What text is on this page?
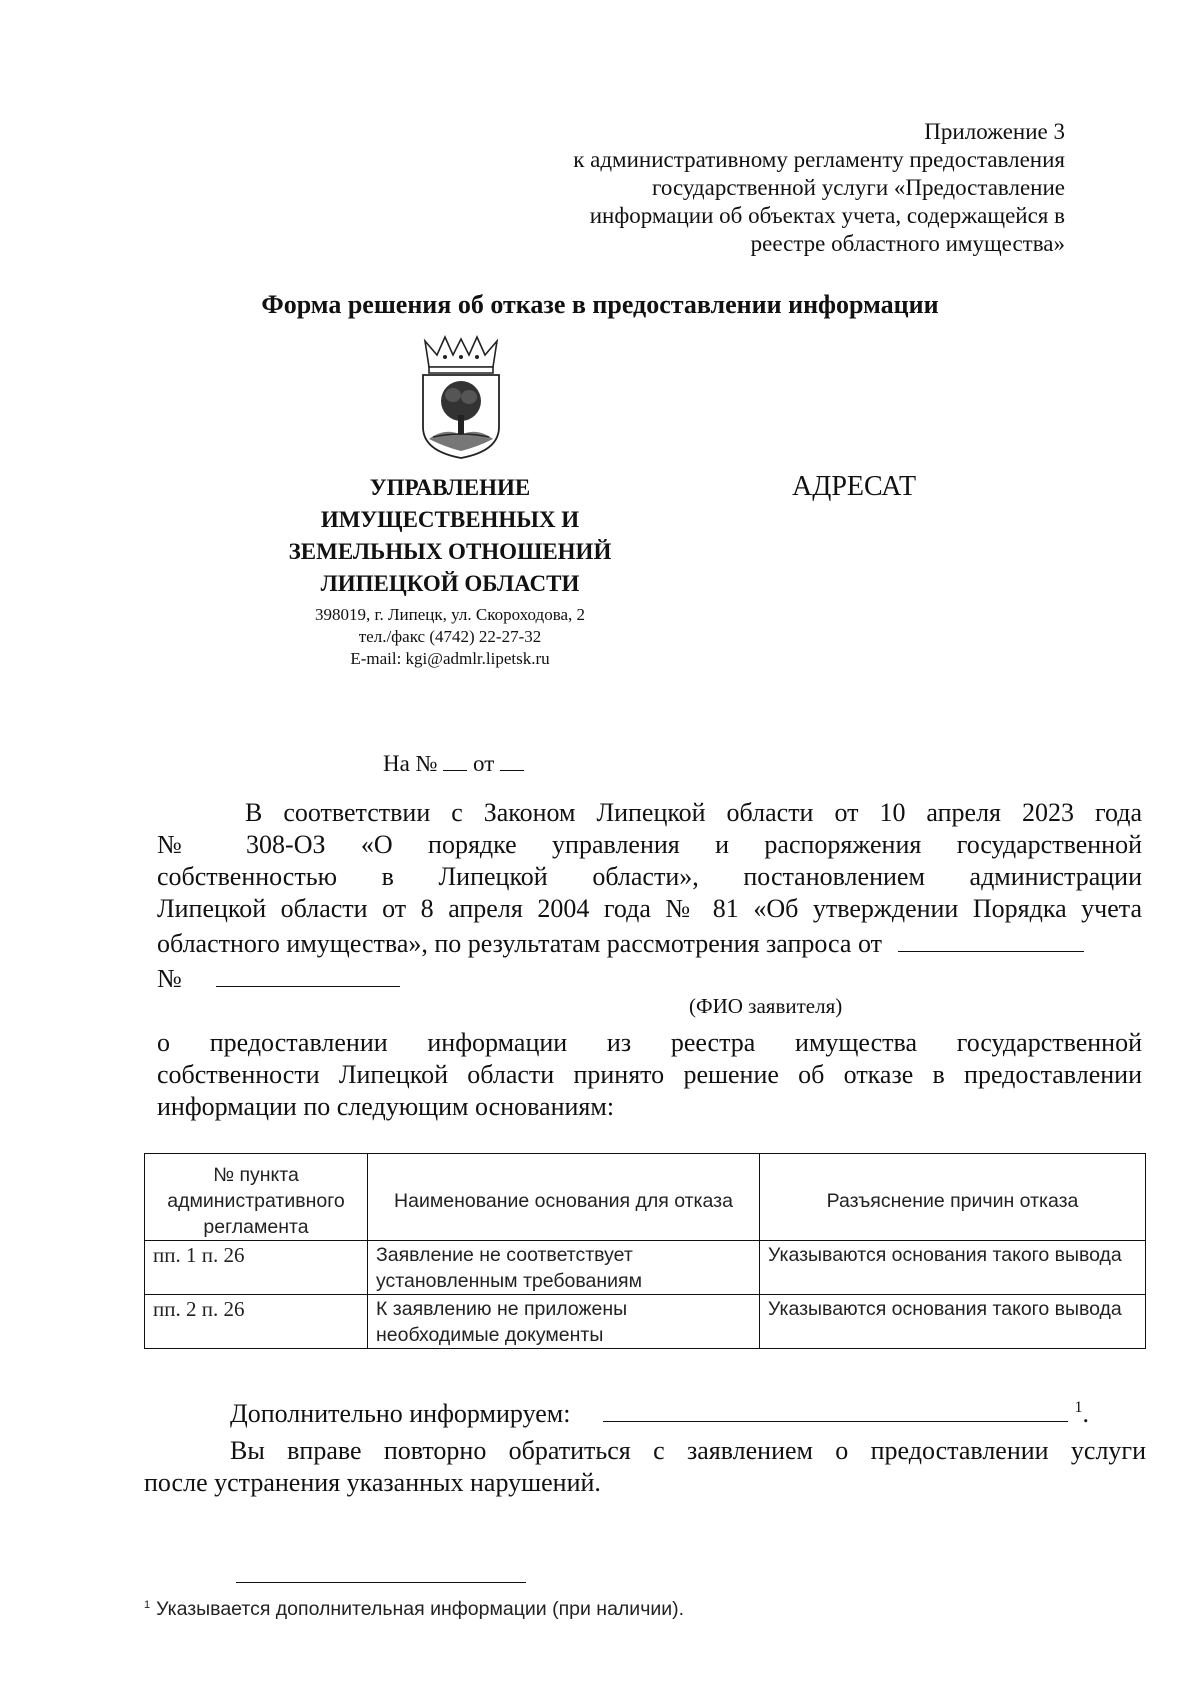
Приложение 3
к административному регламенту предоставления
государственной услуги «Предоставление
информации об объектах учета, содержащейся в
реестре областного имущества»
Форма решения об отказе в предоставлении информации
УПРАВЛЕНИЕ
ИМУЩЕСТВЕННЫХ И
ЗЕМЕЛЬНЫХ ОТНОШЕНИЙ
ЛИПЕЦКОЙ ОБЛАСТИ
398019, г. Липецк, ул. Скороходова, 2
тел./факс (4742) 22-27-32
E-mail: kgi@admlr.lipetsk.ru
АДРЕСАТ
На № от
В соответствии с Законом Липецкой области от 10 апреля 2023 года
№ 308-ОЗ «О порядке управления и распоряжения государственной
собственностью в Липецкой области», постановлением администрации
Липецкой области от 8 апреля 2004 года № 81 «Об утверждении Порядка учета
областного имущества», по результатам рассмотрения запроса от
№
(ФИО заявителя)
о предоставлении информации из реестра имущества государственной
собственности Липецкой области принято решение об отказе в предоставлении
информации по следующим основаниям:
№ пункта административного регламента	Наименование основания для отказа	Разъяснение причин отказа
пп. 1 п. 26	Заявление не соответствует установленным требованиям	Указываются основания такого вывода
пп. 2 п. 26	К заявлению не приложены необходимые документы	Указываются основания такого вывода
Дополнительно информируем:	$^1$.
Вы вправе повторно обратиться с заявлением о предоставлении услуги
после устранения указанных нарушений.
$^1$ Указывается дополнительная информации (при наличии).
